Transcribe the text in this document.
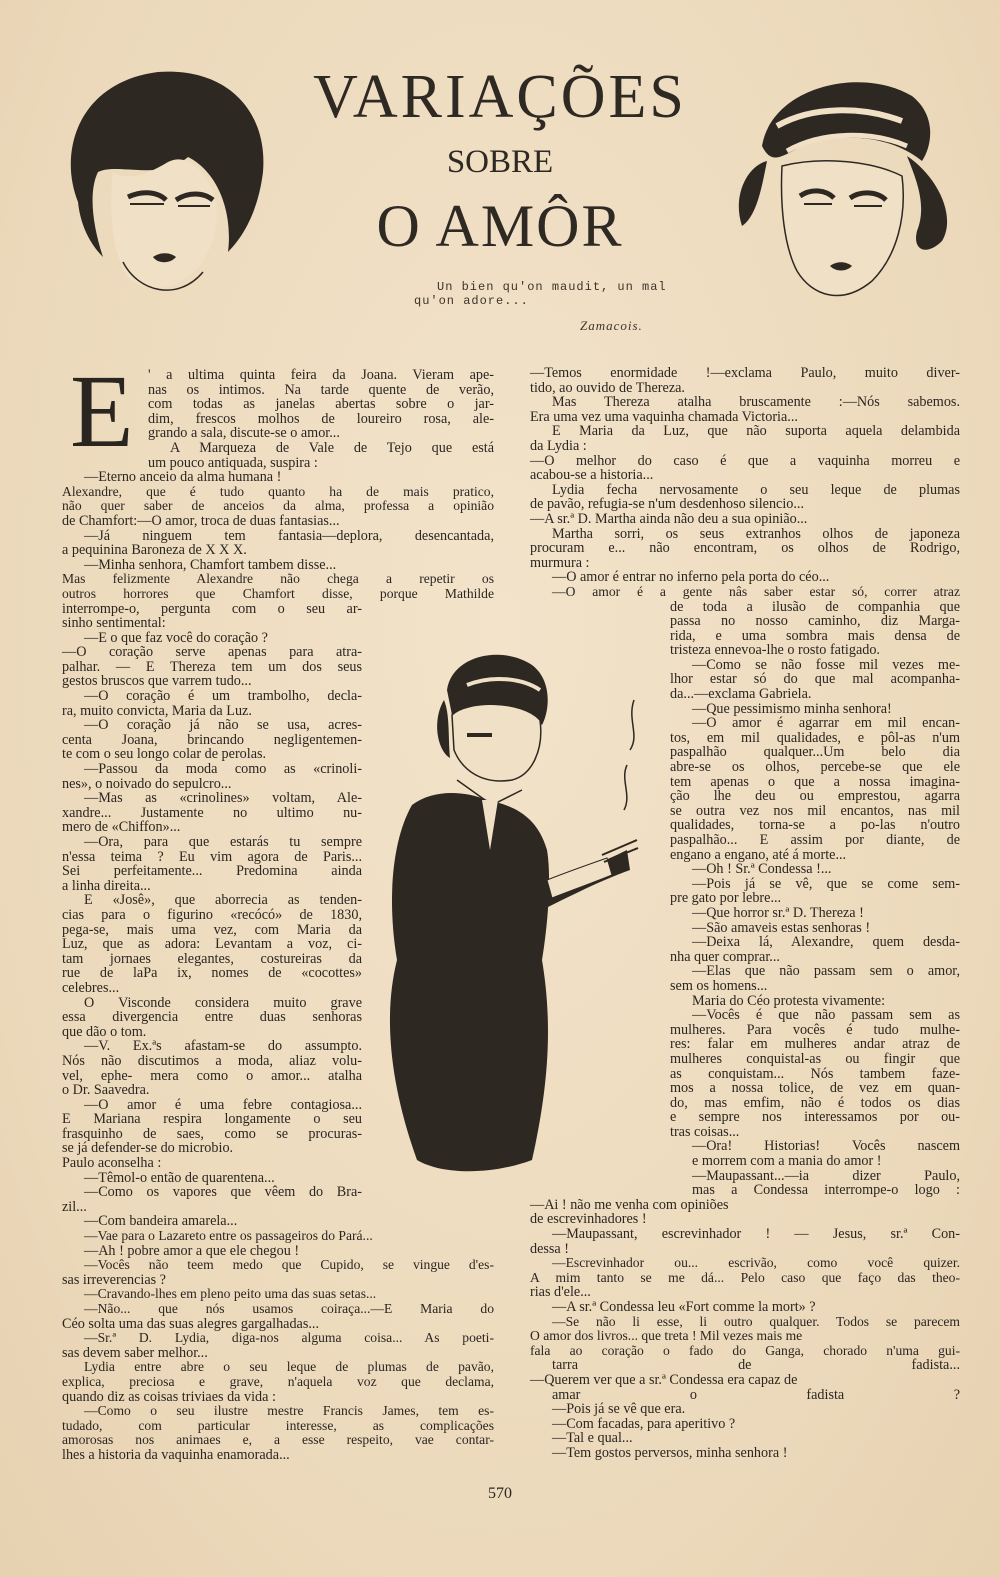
VARIAÇÕES
SOBRE
O AMÔR
Un bien qu'on maudit, un mal
qu'on adore...
Zamacois.
E ' a ultima quinta feira da Joana. Vieram ape-
nas os intimos. Na tarde quente de verão,
com todas as janelas abertas sobre o jar-
dim, frescos molhos de loureiro rosa, ale-
grando a sala, discute-se o amor...
A Marqueza de Vale de Tejo que está
um pouco antiquada, suspira :
—Eterno anceio da alma humana !
Alexandre, que é tudo quanto ha de mais pratico,
não quer saber de anceios da alma, professa a opinião
de Chamfort:—O amor, troca de duas fantasias...
—Já ninguem tem fantasia—deplora, desencantada,
a pequinina Baroneza de X X X.
—Minha senhora, Chamfort tambem disse...
Mas felizmente Alexandre não chega a repetir os
outros horrores que Chamfort disse, porque Mathilde
interrompe-o, pergunta com o seu ar-
sinho sentimental:
—E o que faz você do coração ?
—O coração serve apenas para atra-
palhar. — E Thereza tem um dos seus
gestos bruscos que varrem tudo...
—O coração é um trambolho, decla-
ra, muito convicta, Maria da Luz.
—O coração já não se usa, acres-
centa Joana, brincando negligentemen-
te com o seu longo colar de perolas.
—Passou da moda como as «crinoli-
nes», o noivado do sepulcro...
—Mas as «crinolines» voltam, Ale-
xandre... Justamente no ultimo nu-
mero de «Chiffon»...
—Ora, para que estarás tu sempre
n'essa teima ? Eu vim agora de Paris...
Sei perfeitamente... Predomina ainda
a linha direita...
E «Josê», que aborrecia as tenden-
cias para o figurino «recócó» de 1830,
pega-se, mais uma vez, com Maria da
Luz, que as adora: Levantam a voz, ci-
tam jornaes elegantes, costureiras da
rue de laPa ix, nomes de «cocottes»
celebres...
O Visconde considera muito grave
essa divergencia entre duas senhoras
que dão o tom.
—V. Ex.ªs afastam-se do assumpto.
Nós não discutimos a moda, aliaz volu-
vel, ephe- mera como o amor... atalha
o Dr. Saavedra.
—O amor é uma febre contagiosa...
E Mariana respira longamente o seu
frasquinho de saes, como se procuras-
se já defender-se do microbio.
Paulo aconselha :
—Têmol-o então de quarentena...
—Como os vapores que vêem do Bra-
zil...
—Com bandeira amarela...
—Vae para o Lazareto entre os passageiros do Pará...
—Ah ! pobre amor a que ele chegou !
—Vocês não teem medo que Cupido, se vingue d'es-
sas irreverencias ?
—Cravando-lhes em pleno peito uma das suas setas...
—Não... que nós usamos coiraça...—E Maria do
Céo solta uma das suas alegres gargalhadas...
—Sr.ª D. Lydia, diga-nos alguma coisa... As poeti-
sas devem saber melhor...
Lydia entre abre o seu leque de plumas de pavão,
explica, preciosa e grave, n'aquela voz que declama,
quando diz as coisas triviaes da vida :
—Como o seu ilustre mestre Francis James, tem es-
tudado, com particular interesse, as complicações
amorosas nos animaes e, a esse respeito, vae contar-
lhes a historia da vaquinha enamorada...
—Temos enormidade !—exclama Paulo, muito diver-
tido, ao ouvido de Thereza.
Mas Thereza atalha bruscamente :—Nós sabemos.
Era uma vez uma vaquinha chamada Victoria...
E Maria da Luz, que não suporta aquela delambida
da Lydia :
—O melhor do caso é que a vaquinha morreu e
acabou-se a historia...
Lydia fecha nervosamente o seu leque de plumas
de pavão, refugia-se n'um desdenhoso silencio...
—A sr.ª D. Martha ainda não deu a sua opinião...
Martha sorri, os seus extranhos olhos de japoneza
procuram e... não encontram, os olhos de Rodrigo,
murmura :
—O amor é entrar no inferno pela porta do céo...
—O amor é a gente nâs saber estar só, correr atraz
de toda a ilusão de companhia que
passa no nosso caminho, diz Marga-
rida, e uma sombra mais densa de
tristeza ennevoa-lhe o rosto fatigado.
—Como se não fosse mil vezes me-
lhor estar só do que mal acompanha-
da...—exclama Gabriela.
—Que pessimismo minha senhora!
—O amor é agarrar em mil encan-
tos, em mil qualidades, e pôl-as n'um
paspalhão qualquer...Um belo dia
abre-se os olhos, percebe-se que ele
tem apenas o que a nossa imagina-
ção lhe deu ou emprestou, agarra
se outra vez nos mil encantos, nas mil
qualidades, torna-se a po-las n'outro
paspalhão... E assim por diante, de
engano a engano, até á morte...
—Oh ! Sr.ª Condessa !...
—Pois já se vê, que se come sem-
pre gato por lebre...
—Que horror sr.ª D. Thereza !
—São amaveis estas senhoras !
—Deixa lá, Alexandre, quem desda-
nha quer comprar...
—Elas que não passam sem o amor,
sem os homens...
Maria do Céo protesta vivamente:
—Vocês é que não passam sem as
mulheres. Para vocês é tudo mulhe-
res: falar em mulheres andar atraz de
mulheres conquistal-as ou fingir que
as conquistam... Nós tambem faze-
mos a nossa tolice, de vez em quan-
do, mas emfim, não é todos os dias
e sempre nos interessamos por ou-
tras coisas...
—Ora! Historias! Vocês nascem
e morrem com a mania do amor !
—Maupassant...—ia dizer Paulo,
mas a Condessa interrompe-o logo :
—Ai ! não me venha com opiniões
de escrevinhadores !
—Maupassant, escrevinhador ! — Jesus, sr.ª Con-
dessa !
—Escrevinhador ou... escrivão, como você quizer.
A mim tanto se me dá... Pelo caso que faço das theo-
rias d'ele...
—A sr.ª Condessa leu «Fort comme la mort» ?
—Se não li esse, li outro qualquer. Todos se parecem
O amor dos livros... que treta ! Mil vezes mais me
fala ao coração o fado do Ganga, chorado n'uma gui-
tarra de fadista...
—Querem ver que a sr.ª Condessa era capaz de
amar o fadista ?
—Pois já se vê que era.
—Com facadas, para aperitivo ?
—Tal e qual...
—Tem gostos perversos, minha senhora !
570
